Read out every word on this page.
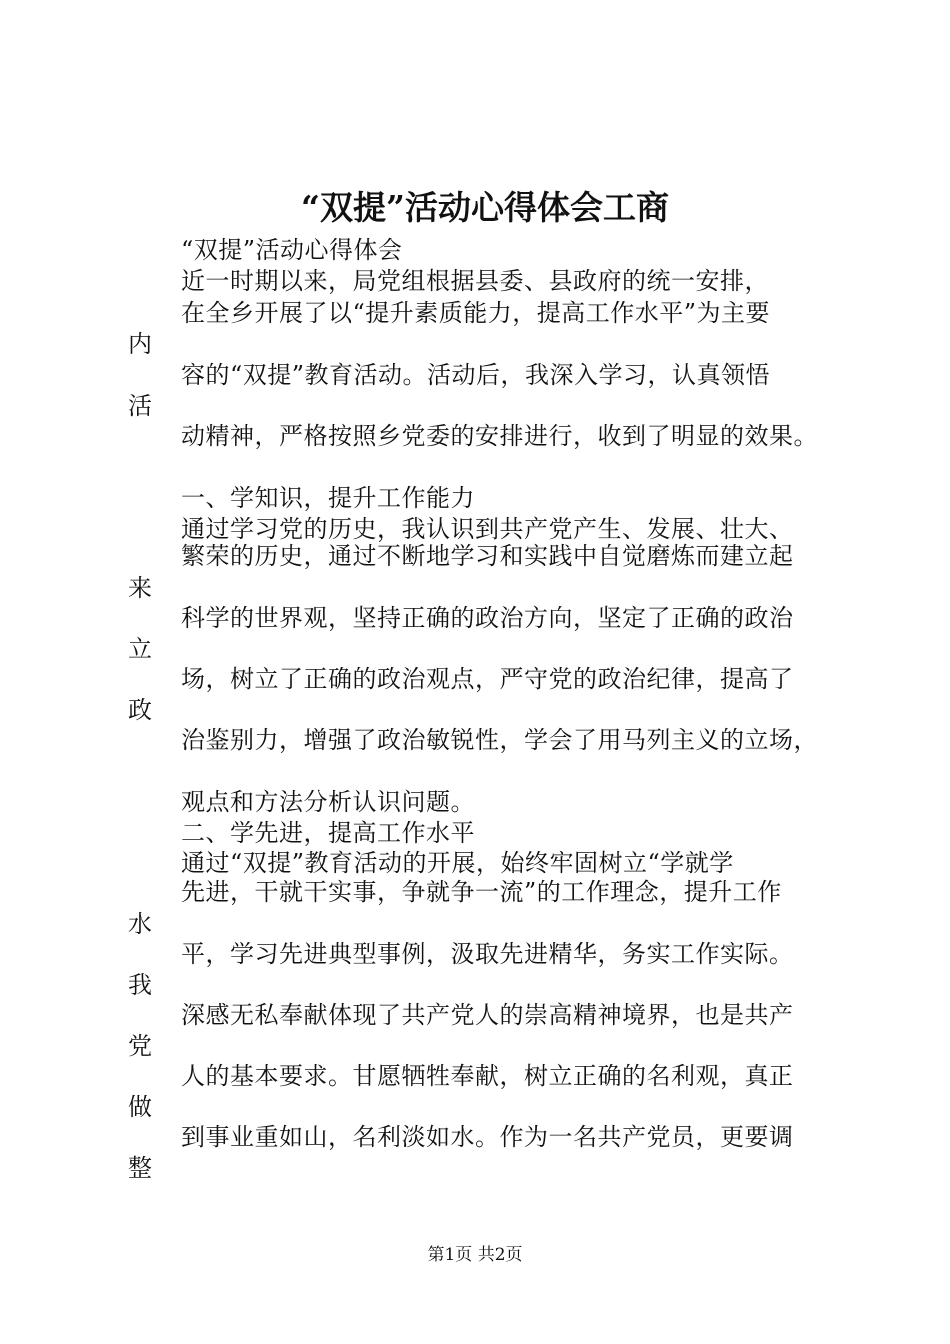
“双提”活动心得体会工商
“双提”活动心得体会
近一时期以来，局党组根据县委、县政府的统一安排，
在全乡开展了以“提升素质能力，提高工作水平”为主要
内
容的“双提”教育活动。活动后，我深入学习，认真领悟
活
动精神，严格按照乡党委的安排进行，收到了明显的效果。
一、学知识，提升工作能力
通过学习党的历史，我认识到共产党产生、发展、壮大、
繁荣的历史，通过不断地学习和实践中自觉磨炼而建立起
来
科学的世界观，坚持正确的政治方向，坚定了正确的政治
立
场，树立了正确的政治观点，严守党的政治纪律，提高了
政
治鉴别力，增强了政治敏锐性，学会了用马列主义的立场，
观点和方法分析认识问题。
二、学先进，提高工作水平
通过“双提”教育活动的开展，始终牢固树立“学就学
先进，干就干实事，争就争一流”的工作理念，提升工作
水
平，学习先进典型事例，汲取先进精华，务实工作实际。
我
深感无私奉献体现了共产党人的崇高精神境界，也是共产
党
人的基本要求。甘愿牺牲奉献，树立正确的名利观，真正
做
到事业重如山，名利淡如水。作为一名共产党员，更要调
整
第1页 共2页
